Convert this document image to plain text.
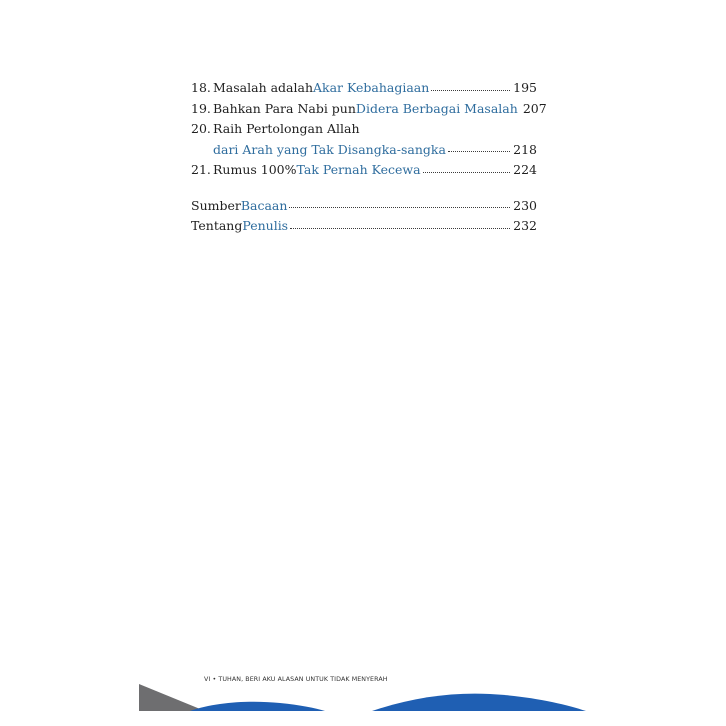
18. Masalah adalah Akar Kebahagiaan	195
19. Bahkan Para Nabi pun Didera Berbagai Masalah 207
20. Raih Pertolongan Allah
dari Arah yang Tak Disangka-sangka	218
21. Rumus 100% Tak Pernah Kecewa	224
Sumber Bacaan	230
Tentang Penulis	232
VI • TUHAN, BERI AKU ALASAN UNTUK TIDAK MENYERAH
